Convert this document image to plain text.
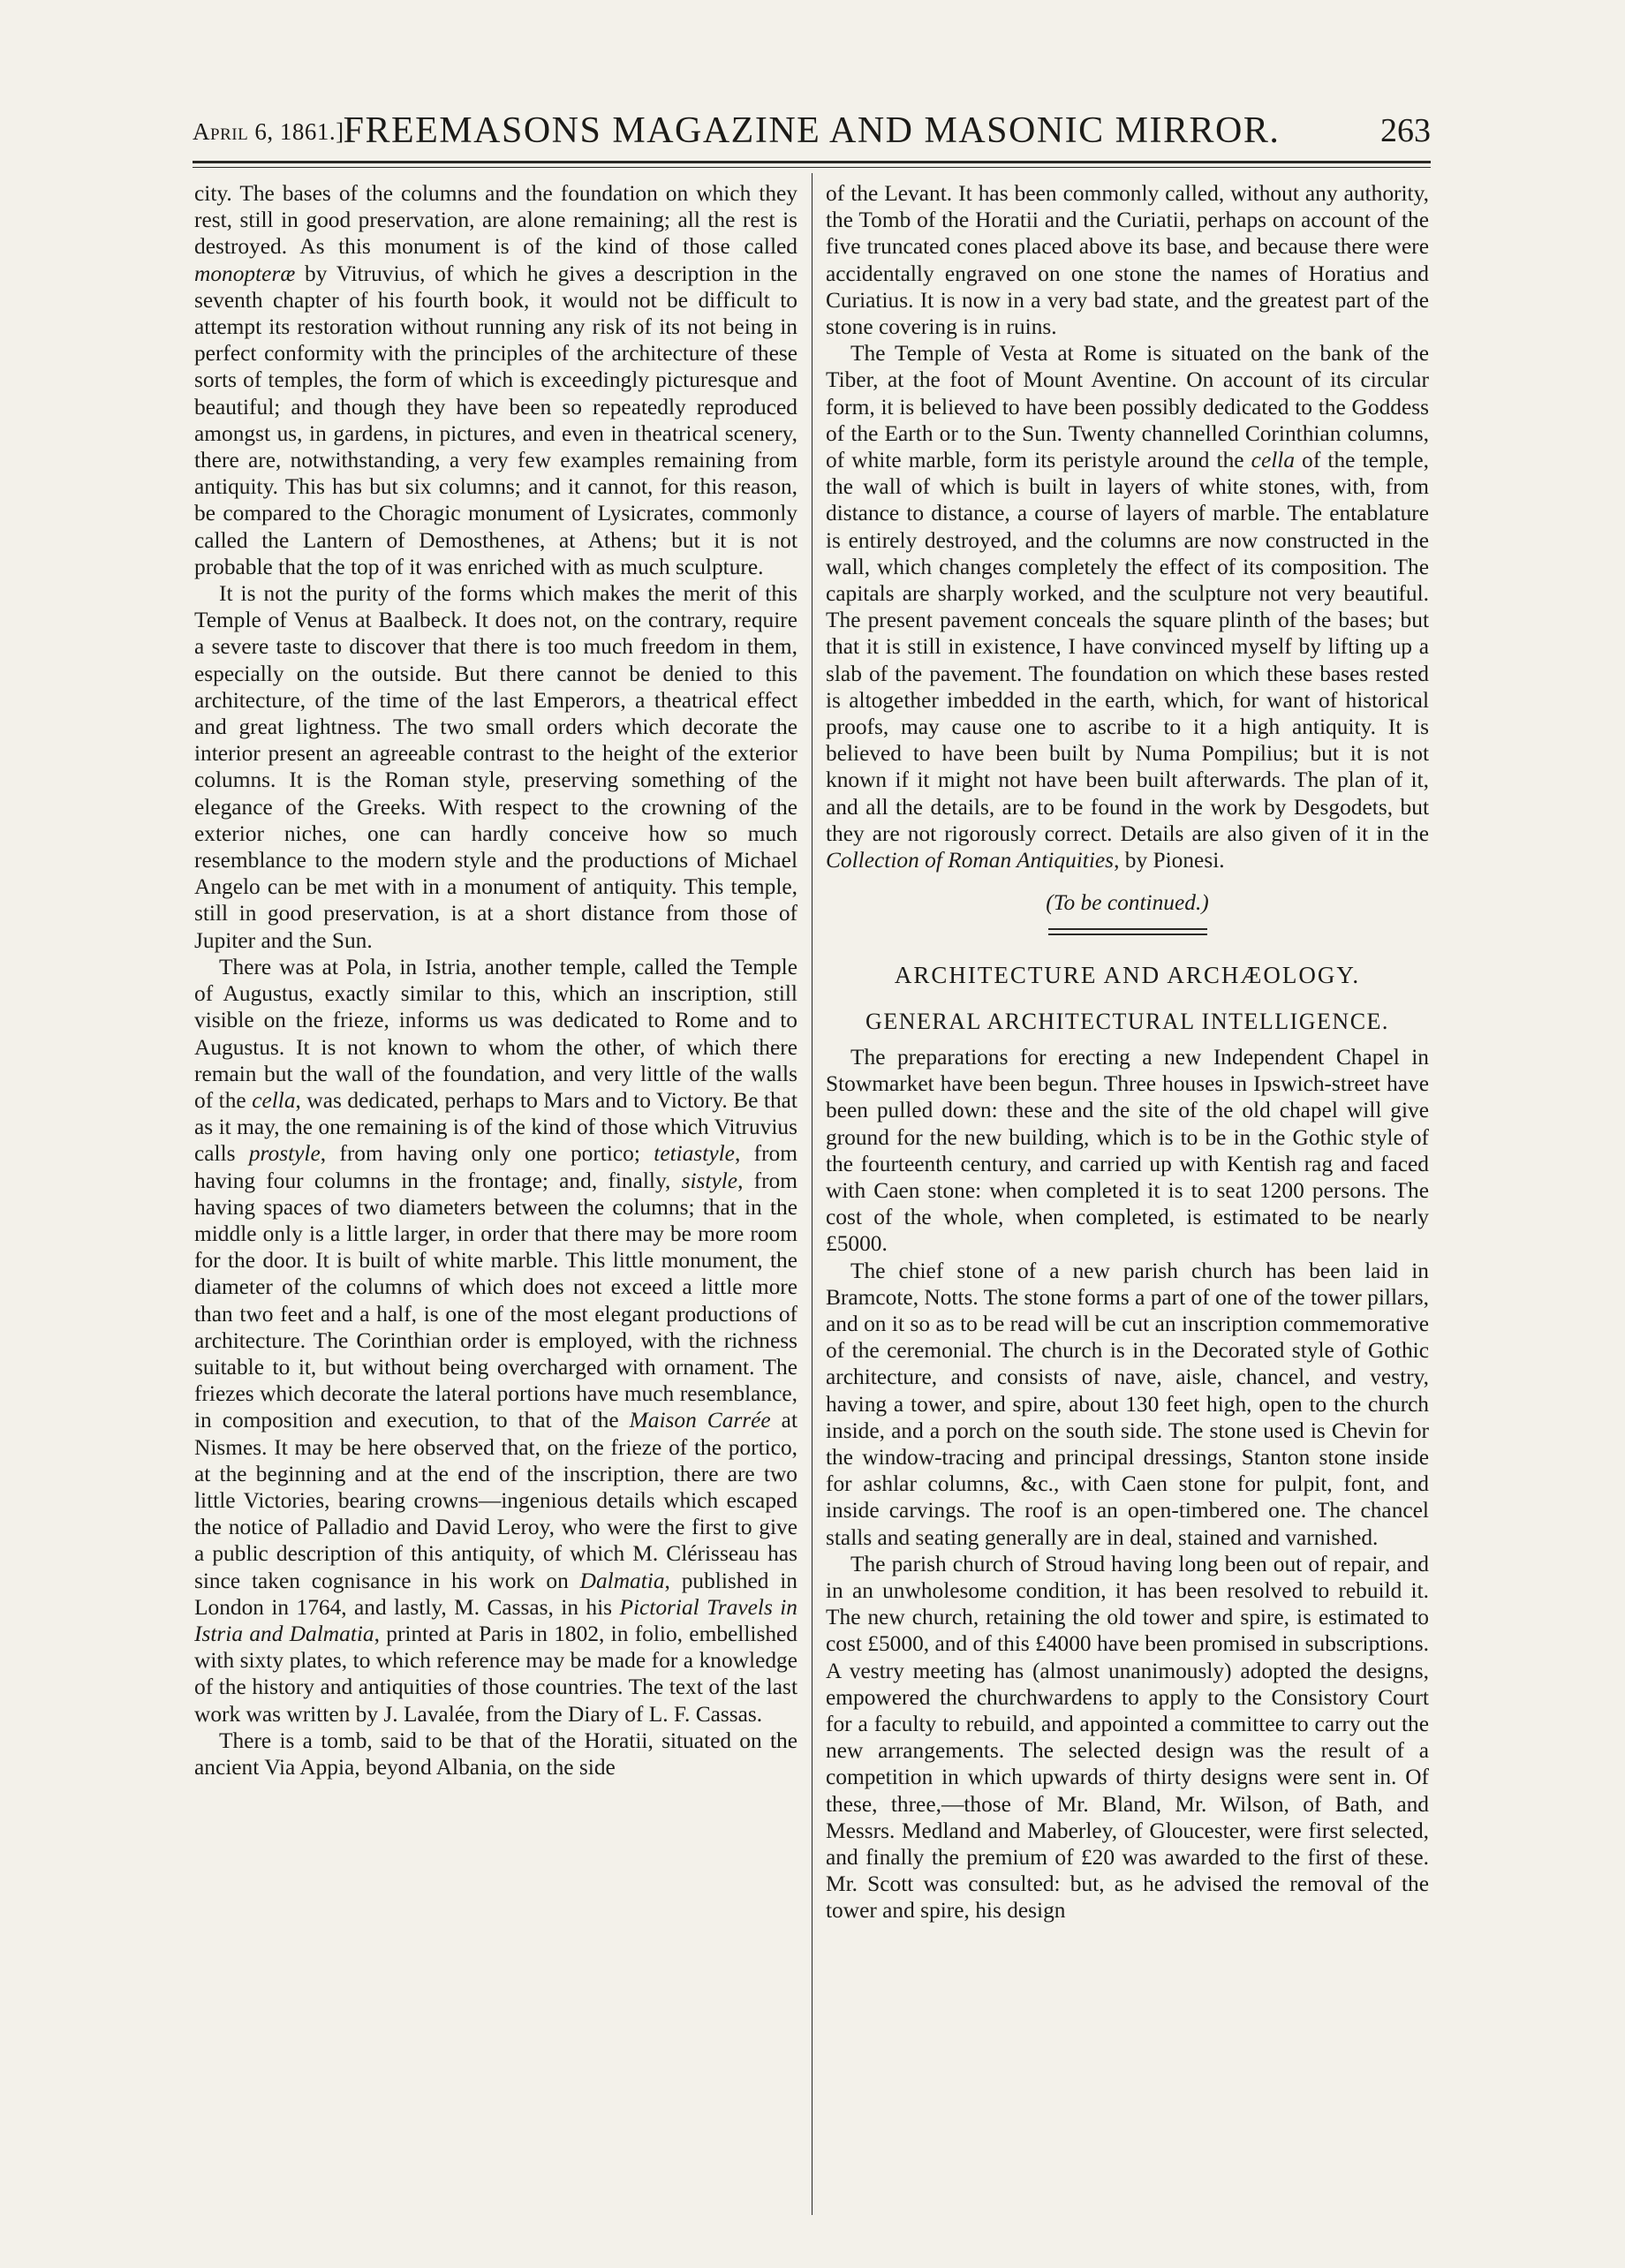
April 6, 1861.]
FREEMASONS MAGAZINE AND MASONIC MIRROR.	263

city. The bases of the columns and the foundation on which they rest, still in good preservation, are alone remaining; all the rest is destroyed. As this monument is of the kind of those called monopteræ by Vitruvius, of which he gives a description in the seventh chapter of his fourth book, it would not be difficult to attempt its restoration without running any risk of its not being in perfect conformity with the principles of the architecture of these sorts of temples, the form of which is exceedingly picturesque and beautiful; and though they have been so repeatedly reproduced amongst us, in gardens, in pictures, and even in theatrical scenery, there are, notwithstanding, a very few examples remaining from antiquity. This has but six columns; and it cannot, for this reason, be compared to the Choragic monument of Lysicrates, commonly called the Lantern of Demosthenes, at Athens; but it is not probable that the top of it was enriched with as much sculpture.

It is not the purity of the forms which makes the merit of this Temple of Venus at Baalbeck. It does not, on the contrary, require a severe taste to discover that there is too much freedom in them, especially on the outside. But there cannot be denied to this architecture, of the time of the last Emperors, a theatrical effect and great lightness. The two small orders which decorate the interior present an agreeable contrast to the height of the exterior columns. It is the Roman style, preserving something of the elegance of the Greeks. With respect to the crowning of the exterior niches, one can hardly conceive how so much resemblance to the modern style and the productions of Michael Angelo can be met with in a monument of antiquity. This temple, still in good preservation, is at a short distance from those of Jupiter and the Sun.

There was at Pola, in Istria, another temple, called the Temple of Augustus, exactly similar to this, which an inscription, still visible on the frieze, informs us was dedicated to Rome and to Augustus. It is not known to whom the other, of which there remain but the wall of the foundation, and very little of the walls of the cella, was dedicated, perhaps to Mars and to Victory. Be that as it may, the one remaining is of the kind of those which Vitruvius calls prostyle, from having only one portico; tetiastyle, from having four columns in the frontage; and, finally, sistyle, from having spaces of two diameters between the columns; that in the middle only is a little larger, in order that there may be more room for the door. It is built of white marble. This little monument, the diameter of the columns of which does not exceed a little more than two feet and a half, is one of the most elegant productions of architecture. The Corinthian order is employed, with the richness suitable to it, but without being overcharged with ornament. The friezes which decorate the lateral portions have much resemblance, in composition and execution, to that of the Maison Carrée at Nismes. It may be here observed that, on the frieze of the portico, at the beginning and at the end of the inscription, there are two little Victories, bearing crowns—ingenious details which escaped the notice of Palladio and David Leroy, who were the first to give a public description of this antiquity, of which M. Clérisseau has since taken cognisance in his work on Dalmatia, published in London in 1764, and lastly, M. Cassas, in his Pictorial Travels in Istria and Dalmatia, printed at Paris in 1802, in folio, embellished with sixty plates, to which reference may be made for a knowledge of the history and antiquities of those countries. The text of the last work was written by J. Lavalée, from the Diary of L. F. Cassas.

There is a tomb, said to be that of the Horatii, situated on the ancient Via Appia, beyond Albania, on the side

of the Levant. It has been commonly called, without any authority, the Tomb of the Horatii and the Curiatii, perhaps on account of the five truncated cones placed above its base, and because there were accidentally engraved on one stone the names of Horatius and Curiatius. It is now in a very bad state, and the greatest part of the stone covering is in ruins.

The Temple of Vesta at Rome is situated on the bank of the Tiber, at the foot of Mount Aventine. On account of its circular form, it is believed to have been possibly dedicated to the Goddess of the Earth or to the Sun. Twenty channelled Corinthian columns, of white marble, form its peristyle around the cella of the temple, the wall of which is built in layers of white stones, with, from distance to distance, a course of layers of marble. The entablature is entirely destroyed, and the columns are now constructed in the wall, which changes completely the effect of its composition. The capitals are sharply worked, and the sculpture not very beautiful. The present pavement conceals the square plinth of the bases; but that it is still in existence, I have convinced myself by lifting up a slab of the pavement. The foundation on which these bases rested is altogether imbedded in the earth, which, for want of historical proofs, may cause one to ascribe to it a high antiquity. It is believed to have been built by Numa Pompilius; but it is not known if it might not have been built afterwards. The plan of it, and all the details, are to be found in the work by Desgodets, but they are not rigorously correct. Details are also given of it in the Collection of Roman Antiquities, by Pionesi.

(To be continued.)

ARCHITECTURE AND ARCHÆOLOGY.
GENERAL ARCHITECTURAL INTELLIGENCE.

The preparations for erecting a new Independent Chapel in Stowmarket have been begun. Three houses in Ipswich-street have been pulled down: these and the site of the old chapel will give ground for the new building, which is to be in the Gothic style of the fourteenth century, and carried up with Kentish rag and faced with Caen stone: when completed it is to seat 1200 persons. The cost of the whole, when completed, is estimated to be nearly £5000.

The chief stone of a new parish church has been laid in Bramcote, Notts. The stone forms a part of one of the tower pillars, and on it so as to be read will be cut an inscription commemorative of the ceremonial. The church is in the Decorated style of Gothic architecture, and consists of nave, aisle, chancel, and vestry, having a tower, and spire, about 130 feet high, open to the church inside, and a porch on the south side. The stone used is Chevin for the window-tracing and principal dressings, Stanton stone inside for ashlar columns, &c., with Caen stone for pulpit, font, and inside carvings. The roof is an open-timbered one. The chancel stalls and seating generally are in deal, stained and varnished.

The parish church of Stroud having long been out of repair, and in an unwholesome condition, it has been resolved to rebuild it. The new church, retaining the old tower and spire, is estimated to cost £5000, and of this £4000 have been promised in subscriptions. A vestry meeting has (almost unanimously) adopted the designs, empowered the churchwardens to apply to the Consistory Court for a faculty to rebuild, and appointed a committee to carry out the new arrangements. The selected design was the result of a competition in which upwards of thirty designs were sent in. Of these, three,—those of Mr. Bland, Mr. Wilson, of Bath, and Messrs. Medland and Maberley, of Gloucester, were first selected, and finally the premium of £20 was awarded to the first of these. Mr. Scott was consulted: but, as he advised the removal of the tower and spire, his design
